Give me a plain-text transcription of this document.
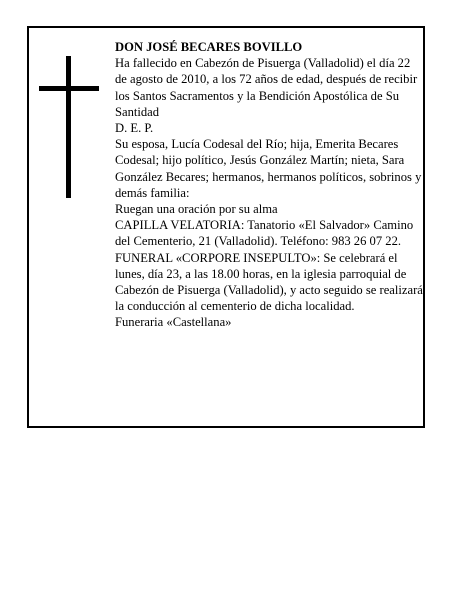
DON JOSÉ BECARES BOVILLO

Ha fallecido en Cabezón de Pisuerga (Valladolid) el día 22 de agosto de 2010, a los 72 años de edad, después de recibir los Santos Sacramentos y la Bendición Apostólica de Su Santidad

D. E. P.

Su esposa, Lucía Codesal del Río; hija, Emerita Becares Codesal; hijo político, Jesús González Martín; nieta, Sara González Becares; hermanos, hermanos políticos, sobrinos y demás familia:

Ruegan una oración por su alma

CAPILLA VELATORIA: Tanatorio «El Salvador» Camino del Cementerio, 21 (Valladolid). Teléfono: 983 26 07 22.

FUNERAL «CORPORE INSEPULTO»: Se celebrará el lunes, día 23, a las 18.00 horas, en la iglesia parroquial de Cabezón de Pisuerga (Valladolid), y acto seguido se realizará la conducción al cementerio de dicha localidad.

Funeraria «Castellana»
